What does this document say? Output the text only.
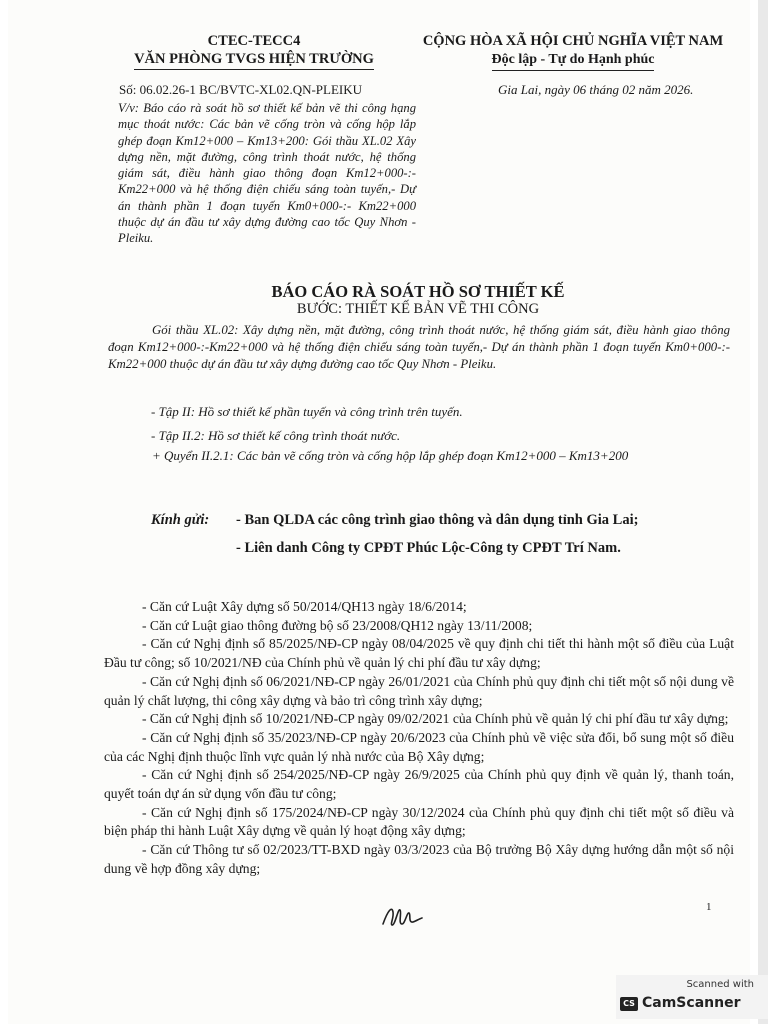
CTEC-TECC4
VĂN PHÒNG TVGS HIỆN TRƯỜNG
CỘNG HÒA XÃ HỘI CHỦ NGHĨA VIỆT NAM
Độc lập - Tự do Hạnh phúc
Số: 06.02.26-1 BC/BVTC-XL02.QN-PLEIKU	Gia Lai, ngày 06 tháng 02 năm 2026.
V/v: Báo cáo rà soát hồ sơ thiết kế bản vẽ thi công hạng mục thoát nước: Các bản vẽ cống tròn và cống hộp lắp ghép đoạn Km12+000 – Km13+200: Gói thầu XL.02 Xây dựng nền, mặt đường, công trình thoát nước, hệ thống giám sát, điều hành giao thông đoạn Km12+000-:-Km22+000 và hệ thống điện chiếu sáng toàn tuyến,- Dự án thành phần 1 đoạn tuyến Km0+000-:- Km22+000 thuộc dự án đầu tư xây dựng đường cao tốc Quy Nhơn - Pleiku.
BÁO CÁO RÀ SOÁT HỒ SƠ THIẾT KẾ
BƯỚC: THIẾT KẾ BẢN VẼ THI CÔNG
Gói thầu XL.02: Xây dựng nền, mặt đường, công trình thoát nước, hệ thống giám sát, điều hành giao thông đoạn Km12+000-:-Km22+000 và hệ thống điện chiếu sáng toàn tuyến,- Dự án thành phần 1 đoạn tuyến Km0+000-:- Km22+000 thuộc dự án đầu tư xây dựng đường cao tốc Quy Nhơn - Pleiku.
- Tập II: Hồ sơ thiết kế phần tuyến và công trình trên tuyến.
- Tập II.2: Hồ sơ thiết kế công trình thoát nước.
+ Quyển II.2.1: Các bản vẽ cống tròn và cống hộp lắp ghép đoạn Km12+000 – Km13+200
Kính gửi: - Ban QLDA các công trình giao thông và dân dụng tỉnh Gia Lai;
- Liên danh Công ty CPĐT Phúc Lộc-Công ty CPĐT Trí Nam.

- Căn cứ Luật Xây dựng số 50/2014/QH13 ngày 18/6/2014;

- Căn cứ Luật giao thông đường bộ số 23/2008/QH12 ngày 13/11/2008;

- Căn cứ Nghị định số 85/2025/NĐ-CP ngày 08/04/2025 về quy định chi tiết thi hành một số điều của Luật Đầu tư công; số 10/2021/NĐ của Chính phủ về quản lý chi phí đầu tư xây dựng;

- Căn cứ Nghị định số 06/2021/NĐ-CP ngày 26/01/2021 của Chính phủ quy định chi tiết một số nội dung về quản lý chất lượng, thi công xây dựng và bảo trì công trình xây dựng;

- Căn cứ Nghị định số 10/2021/NĐ-CP ngày 09/02/2021 của Chính phủ về quản lý chi phí đầu tư xây dựng;

- Căn cứ Nghị định số 35/2023/NĐ-CP ngày 20/6/2023 của Chính phủ về việc sửa đổi, bổ sung một số điều của các Nghị định thuộc lĩnh vực quản lý nhà nước của Bộ Xây dựng;

- Căn cứ Nghị định số 254/2025/NĐ-CP ngày 26/9/2025 của Chính phủ quy định về quản lý, thanh toán, quyết toán dự án sử dụng vốn đầu tư công;

- Căn cứ Nghị định số 175/2024/NĐ-CP ngày 30/12/2024 của Chính phủ quy định chi tiết một số điều và biện pháp thi hành Luật Xây dựng về quản lý hoạt động xây dựng;

- Căn cứ Thông tư số 02/2023/TT-BXD ngày 03/3/2023 của Bộ trưởng Bộ Xây dựng hướng dẫn một số nội dung về hợp đồng xây dựng;

1
Scanned with
CS CamScanner
